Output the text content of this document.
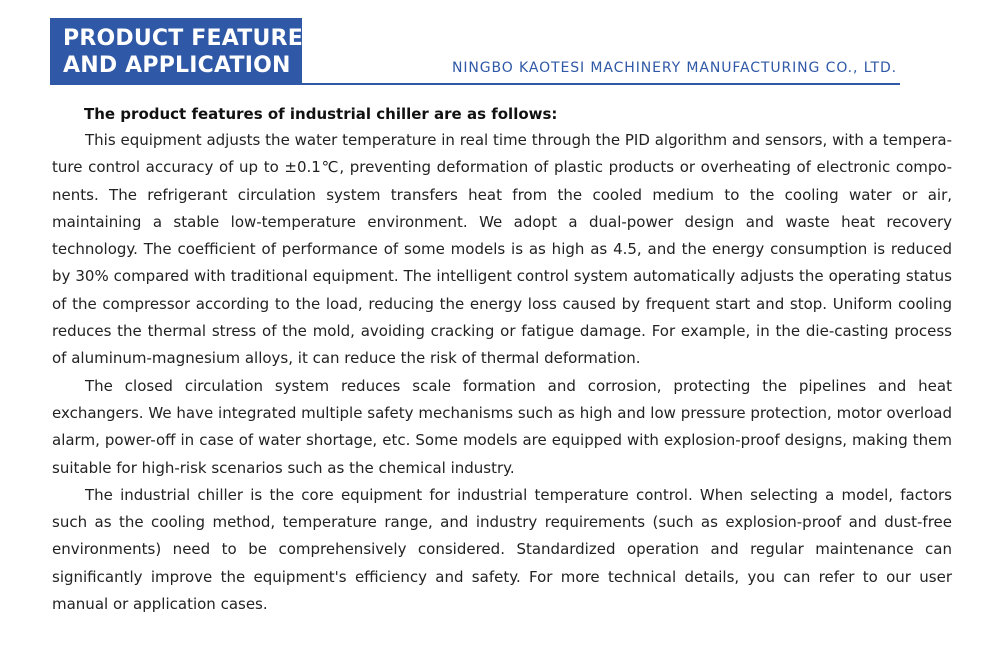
PRODUCT FEATURE
AND APPLICATION	NINGBO KAOTESI MACHINERY MANUFACTURING CO., LTD.

The product features of industrial chiller are as follows:

This equipment adjusts the water temperature in real time through the PID algorithm and sensors, with a temperature control accuracy of up to ±0.1℃, preventing deformation of plastic products or overheating of electronic components. The refrigerant circulation system transfers heat from the cooled medium to the cooling water or air, maintaining a stable low-temperature environment. We adopt a dual-power design and waste heat recovery technology. The coefficient of performance of some models is as high as 4.5, and the energy consumption is reduced by 30% compared with traditional equipment. The intelligent control system automatically adjusts the operating status of the compressor according to the load, reducing the energy loss caused by frequent start and stop. Uniform cooling reduces the thermal stress of the mold, avoiding cracking or fatigue damage. For example, in the die-casting process of aluminum-magnesium alloys, it can reduce the risk of thermal deformation.

The closed circulation system reduces scale formation and corrosion, protecting the pipelines and heat exchangers. We have integrated multiple safety mechanisms such as high and low pressure protection, motor overload alarm, power-off in case of water shortage, etc. Some models are equipped with explosion-proof designs, making them suitable for high-risk scenarios such as the chemical industry.

The industrial chiller is the core equipment for industrial temperature control. When selecting a model, factors such as the cooling method, temperature range, and industry requirements (such as explosion-proof and dust-free environments) need to be comprehensively considered. Standardized operation and regular maintenance can significantly improve the equipment's efficiency and safety. For more technical details, you can refer to our user manual or application cases.
